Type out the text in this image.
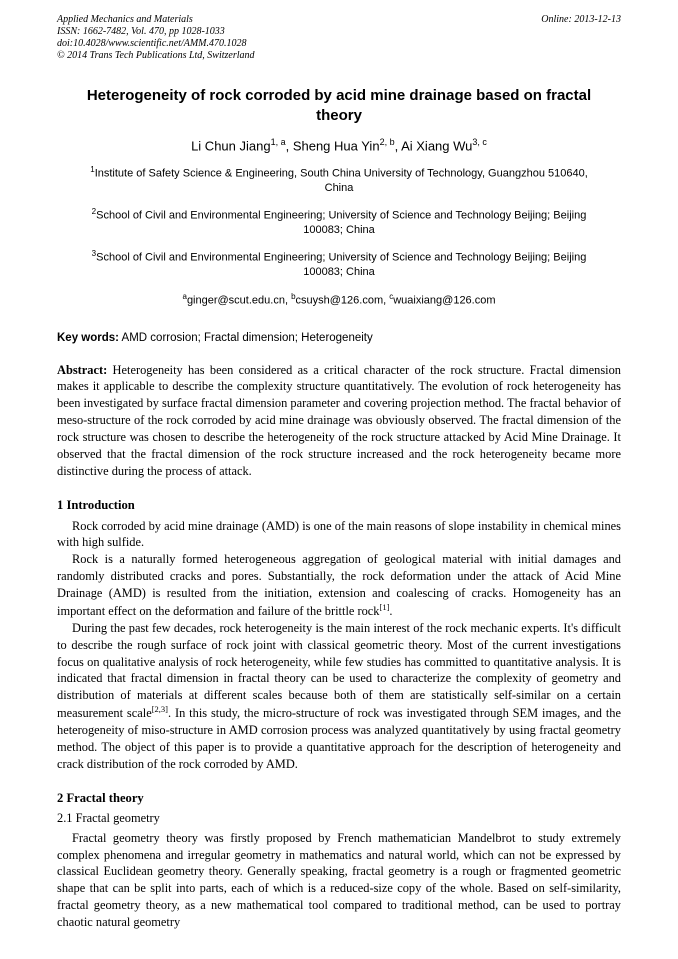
Applied Mechanics and Materials
ISSN: 1662-7482, Vol. 470, pp 1028-1033
doi:10.4028/www.scientific.net/AMM.470.1028
© 2014 Trans Tech Publications Ltd, Switzerland
Online: 2013-12-13
Heterogeneity of rock corroded by acid mine drainage based on fractal theory

Li Chun Jiang$^{1, a}$, Sheng Hua Yin$^{2, b}$, Ai Xiang Wu$^{3, c}$

$^1$Institute of Safety Science & Engineering, South China University of Technology, Guangzhou 510640, China

$^2$School of Civil and Environmental Engineering; University of Science and Technology Beijing; Beijing 100083; China

$^3$School of Civil and Environmental Engineering; University of Science and Technology Beijing; Beijing 100083; China

$^a$ginger@scut.edu.cn, $^b$csuysh@126.com, $^c$wuaixiang@126.com

Key words: AMD corrosion; Fractal dimension; Heterogeneity

Abstract: Heterogeneity has been considered as a critical character of the rock structure. Fractal dimension makes it applicable to describe the complexity structure quantitatively. The evolution of rock heterogeneity has been investigated by surface fractal dimension parameter and covering projection method. The fractal behavior of meso-structure of the rock corroded by acid mine drainage was obviously observed. The fractal dimension of the rock structure was chosen to describe the heterogeneity of the rock structure attacked by Acid Mine Drainage. It observed that the fractal dimension of the rock structure increased and the rock heterogeneity became more distinctive during the process of attack.

1 Introduction

Rock corroded by acid mine drainage (AMD) is one of the main reasons of slope instability in chemical mines with high sulfide.

Rock is a naturally formed heterogeneous aggregation of geological material with initial damages and randomly distributed cracks and pores. Substantially, the rock deformation under the attack of Acid Mine Drainage (AMD) is resulted from the initiation, extension and coalescing of cracks. Homogeneity has an important effect on the deformation and failure of the brittle rock[1].

During the past few decades, rock heterogeneity is the main interest of the rock mechanic experts. It's difficult to describe the rough surface of rock joint with classical geometric theory. Most of the current investigations focus on qualitative analysis of rock heterogeneity, while few studies has committed to quantitative analysis. It is indicated that fractal dimension in fractal theory can be used to characterize the complexity of geometry and distribution of materials at different scales because both of them are statistically self-similar on a certain measurement scale[2,3]. In this study, the micro-structure of rock was investigated through SEM images, and the heterogeneity of miso-structure in AMD corrosion process was analyzed quantitatively by using fractal geometry method. The object of this paper is to provide a quantitative approach for the description of heterogeneity and crack distribution of the rock corroded by AMD.

2 Fractal theory

2.1 Fractal geometry

Fractal geometry theory was firstly proposed by French mathematician Mandelbrot to study extremely complex phenomena and irregular geometry in mathematics and natural world, which can not be expressed by classical Euclidean geometry theory. Generally speaking, fractal geometry is a rough or fragmented geometric shape that can be split into parts, each of which is a reduced-size copy of the whole. Based on self-similarity, fractal geometry theory, as a new mathematical tool compared to traditional method, can be used to portray chaotic natural geometry
